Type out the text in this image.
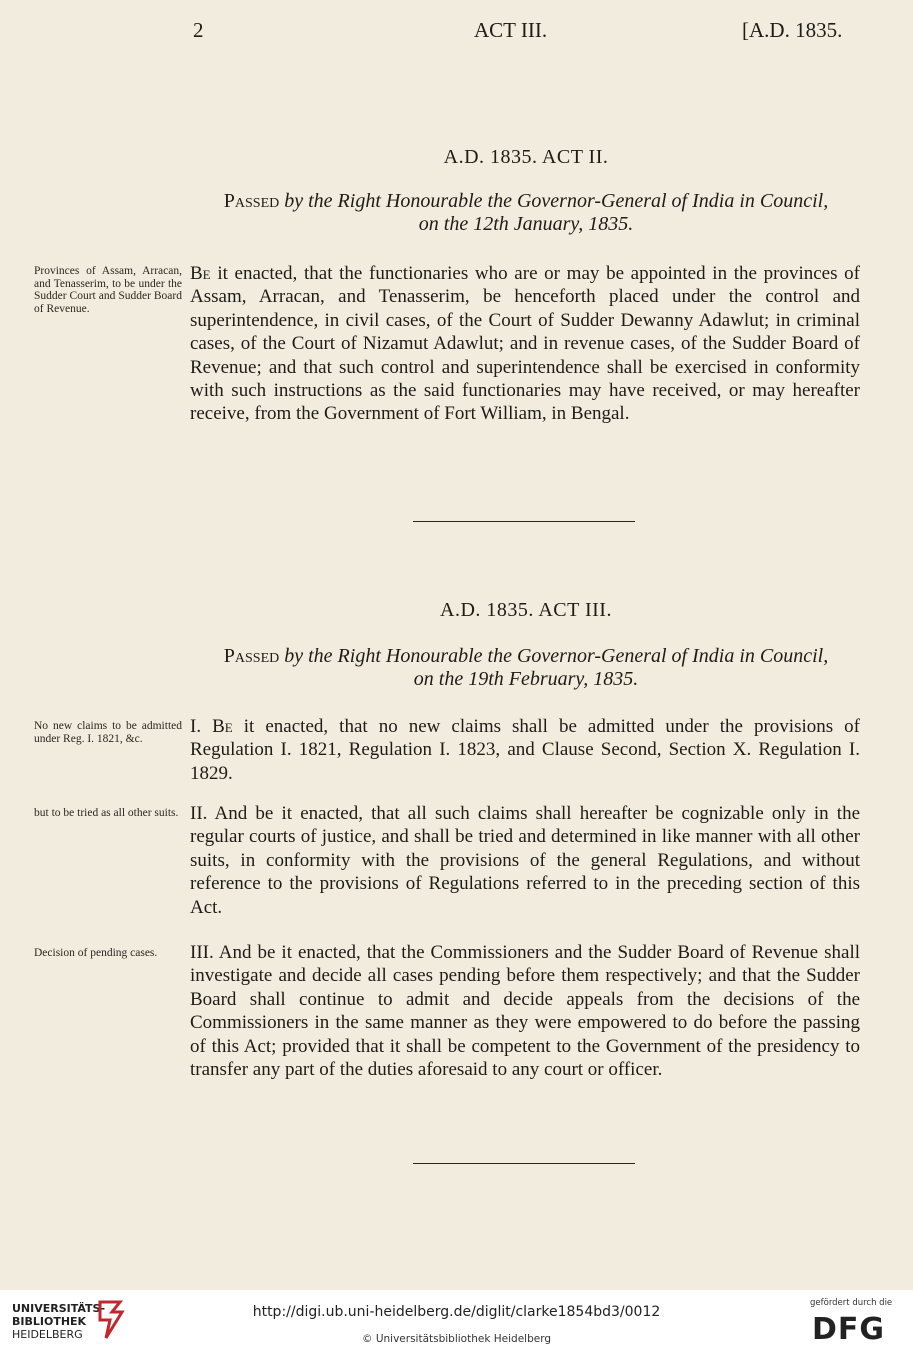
2	ACT III.	[A.D. 1835.
A.D. 1835. ACT II.
Passed by the Right Honourable the Governor-General of India in Council,
on the 12th January, 1835.
Provinces of Assam, Arracan, and Tenasserim, to be under the Sudder Court and Sudder Board of Revenue.
Be it enacted, that the functionaries who are or may be appointed in the provinces of Assam, Arracan, and Tenasserim, be henceforth placed under the control and superintendence, in civil cases, of the Court of Sudder Dewanny Adawlut; in criminal cases, of the Court of Nizamut Adawlut; and in revenue cases, of the Sudder Board of Revenue; and that such control and superintendence shall be exercised in conformity with such instructions as the said functionaries may have received, or may hereafter receive, from the Government of Fort William, in Bengal.
A.D. 1835. ACT III.
Passed by the Right Honourable the Governor-General of India in Council,
on the 19th February, 1835.
No new claims to be admitted under Reg. I. 1821, &c.
I. Be it enacted, that no new claims shall be admitted under the provisions of Regulation I. 1821, Regulation I. 1823, and Clause Second, Section X. Regulation I. 1829.
but to be tried as all other suits. II. And be it enacted, that all such claims shall hereafter be cognizable only in the regular courts of justice, and shall be tried and determined in like manner with all other suits, in conformity with the provisions of the general Regulations, and without reference to the provisions of Regulations referred to in the preceding section of this Act.
Decision of pending cases.	III. And be it enacted, that the Commissioners and the Sudder Board of Revenue shall investigate and decide all cases pending before them respectively; and that the Sudder Board shall continue to admit and decide appeals from the decisions of the Commissioners in the same manner as they were empowered to do before the passing of this Act; provided that it shall be competent to the Government of the presidency to transfer any part of the duties aforesaid to any court or officer.
UNIVERSITÄTS-
BIBLIOTHEK
HEIDELBERG
http://digi.ub.uni-heidelberg.de/diglit/clarke1854bd3/0012
© Universitätsbibliothek Heidelberg
gefördert durch die
DFG
